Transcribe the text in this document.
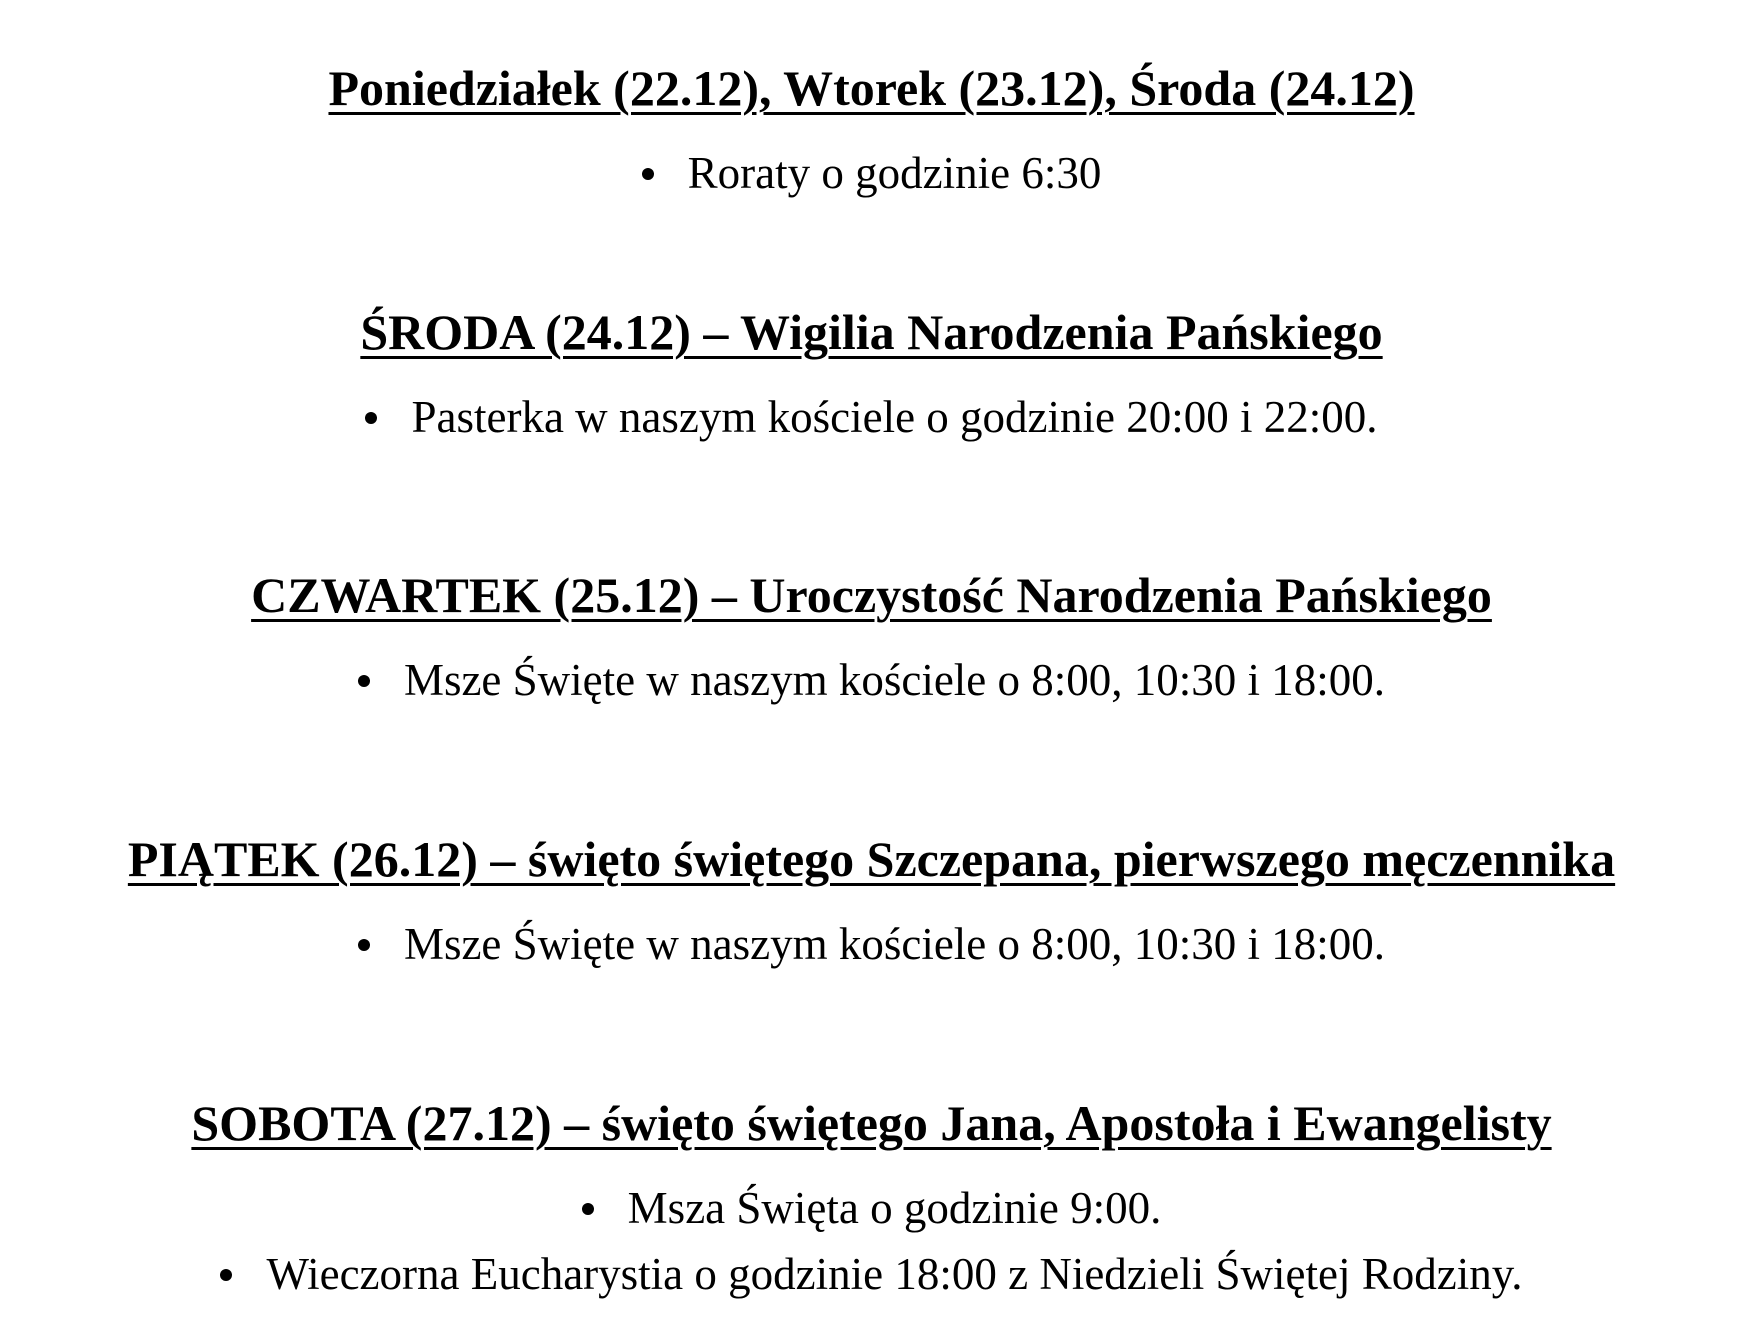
Poniedziałek (22.12), Wtorek (23.12), Środa (24.12)
Roraty o godzinie 6:30
ŚRODA (24.12) – Wigilia Narodzenia Pańskiego
Pasterka w naszym kościele o godzinie 20:00 i 22:00.
CZWARTEK (25.12) – Uroczystość Narodzenia Pańskiego
Msze Święte w naszym kościele o 8:00, 10:30 i 18:00.
PIĄTEK (26.12) – święto świętego Szczepana, pierwszego męczennika
Msze Święte w naszym kościele o 8:00, 10:30 i 18:00.
SOBOTA (27.12) – święto świętego Jana, Apostoła i Ewangelisty
Msza Święta o godzinie 9:00.
Wieczorna Eucharystia o godzinie 18:00 z Niedzieli Świętej Rodziny.
